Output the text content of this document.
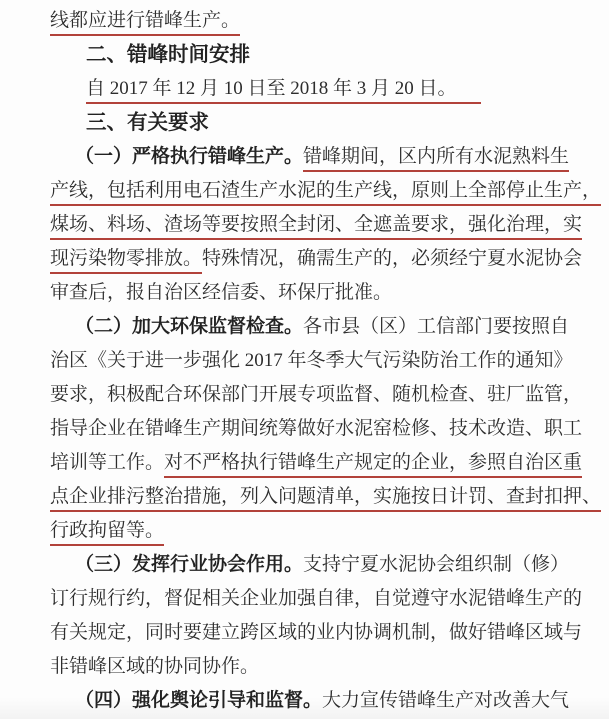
线都应进行错峰生产。
二、错峰时间安排
自 2017 年 12 月 10 日至 2018 年 3 月 20 日。
三、有关要求
（一）严格执行错峰生产。错峰期间，区内所有水泥熟料生
产线，包括利用电石渣生产水泥的生产线，原则上全部停止生产，
煤场、料场、渣场等要按照全封闭、全遮盖要求，强化治理，实
现污染物零排放。特殊情况，确需生产的，必须经宁夏水泥协会
审查后，报自治区经信委、环保厅批准。
（二）加大环保监督检查。各市县（区）工信部门要按照自
治区《关于进一步强化 2017 年冬季大气污染防治工作的通知》
要求，积极配合环保部门开展专项监督、随机检查、驻厂监管，
指导企业在错峰生产期间统筹做好水泥窑检修、技术改造、职工
培训等工作。对不严格执行错峰生产规定的企业，参照自治区重
点企业排污整治措施，列入问题清单，实施按日计罚、查封扣押、
行政拘留等。
（三）发挥行业协会作用。支持宁夏水泥协会组织制（修）
订行规行约，督促相关企业加强自律，自觉遵守水泥错峰生产的
有关规定，同时要建立跨区域的业内协调机制，做好错峰区域与
非错峰区域的协同协作。
（四）强化舆论引导和监督。大力宣传错峰生产对改善大气
